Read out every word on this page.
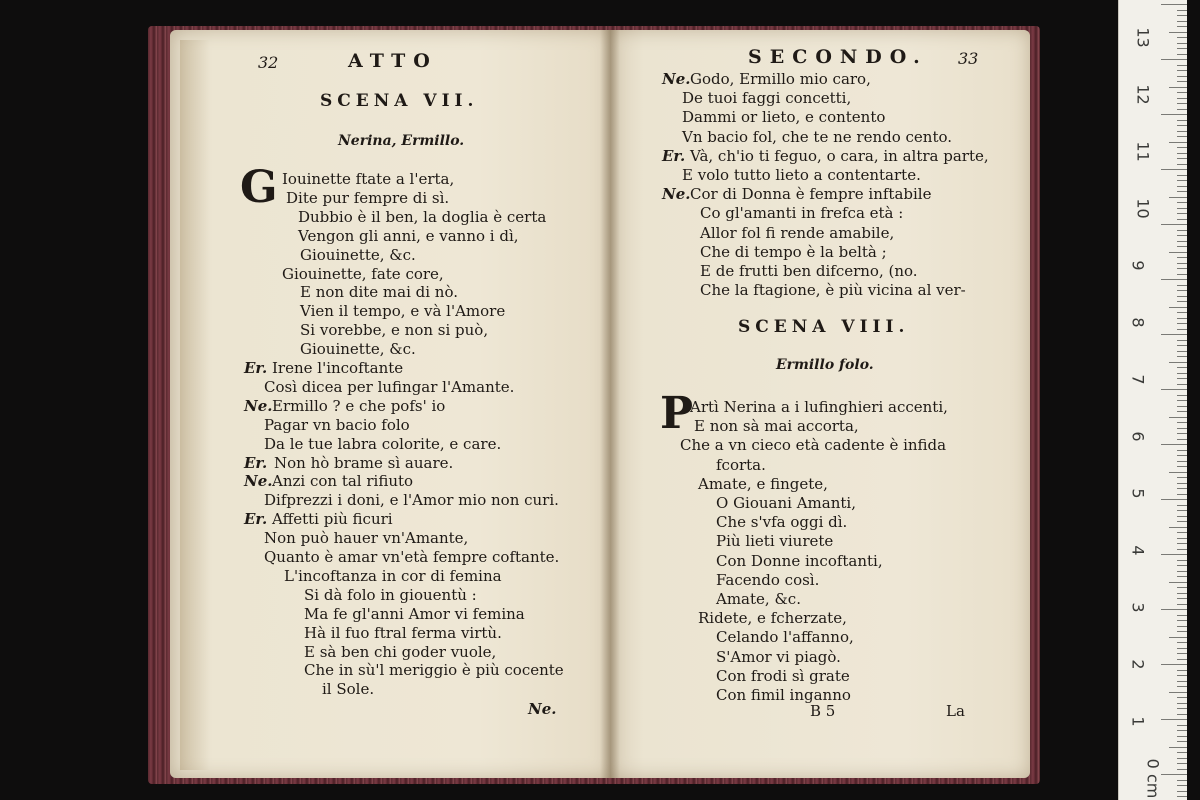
32	ATTO
SCENA VII.
Nerina, Ermillo.
G Iouinette ftate a l'erta,
Dite pur fempre di sì.
Dubbio è il ben, la doglia è certa
Vengon gli anni, e vanno i dì,
Giouinette, &c.
Giouinette, fate core,
E non dite mai di nò.
Vien il tempo, e và l'Amore
Si vorebbe, e non si può,
Giouinette, &c.
Er. Irene l'incoftante
Così dicea per lufingar l'Amante.
Ne. Ermillo ? e che pofs' io
Pagar vn bacio folo
Da le tue labra colorite, e care.
Er. Non hò brame sì auare.
Ne. Anzi con tal rifiuto
Difprezzi i doni, e l'Amor mio non curi.
Er. Affetti più ficuri
Non può hauer vn'Amante,
Quanto è amar vn'età fempre coftante.
L'incoftanza in cor di femina
Si dà folo in giouentù :
Ma fe gl'anni Amor vi femina
Hà il fuo ftral ferma virtù.
E sà ben chi goder vuole,
Che in sù'l meriggio è più cocente
il Sole.
Ne.
SECONDO. 33
Ne. Godo, Ermillo mio caro,
De tuoi faggi concetti,
Dammi or lieto, e contento
Vn bacio fol, che te ne rendo cento.
Er. Và, ch'io ti feguo, o cara, in altra parte,
E volo tutto lieto a contentarte.
Ne. Cor di Donna è fempre inftabile
Co gl'amanti in frefca età :
Allor fol fi rende amabile,
Che di tempo è la beltà ;
E de frutti ben difcerno, (no.
Che la ftagione, è più vicina al ver-
SCENA VIII.
Ermillo folo.
P
Artì Nerina a i lufinghieri accenti,
E non sà mai accorta,
Che a vn cieco età cadente è infida
fcorta.
Amate, e fingete,
O Giouani Amanti,
Che s'vfa oggi dì.
Più lieti viurete
Con Donne incoftanti,
Facendo così.
Amate, &c.
Ridete, e fcherzate,
Celando l'affanno,
S'Amor vi piagò.
Con frodi sì grate
Con fimil inganno
B 5	La
13
12
11
10
9
8
7
6
5
4
3
2
1
0 cm
